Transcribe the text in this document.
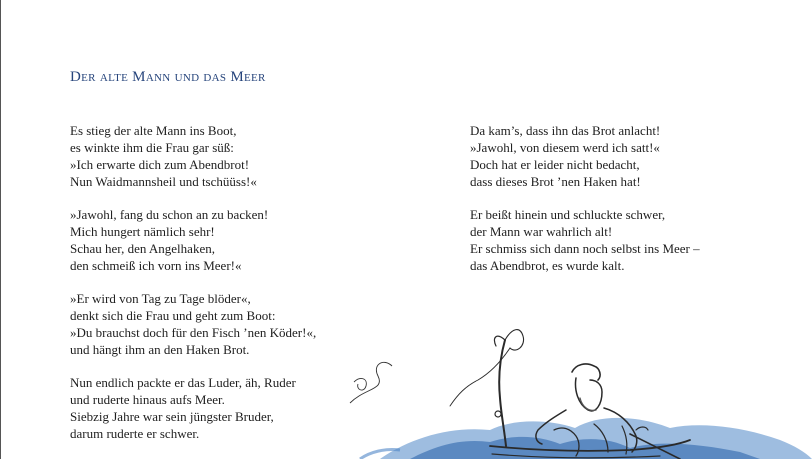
Der alte Mann und das Meer
Es stieg der alte Mann ins Boot,
es winkte ihm die Frau gar süß:
»Ich erwarte dich zum Abendbrot!
Nun Waidmannsheil und tschüüss!«
»Jawohl, fang du schon an zu backen!
Mich hungert nämlich sehr!
Schau her, den Angelhaken,
den schmeiß ich vorn ins Meer!«
»Er wird von Tag zu Tage blöder«,
denkt sich die Frau und geht zum Boot:
»Du brauchst doch für den Fisch ’nen Köder!«,
und hängt ihm an den Haken Brot.
Nun endlich packte er das Luder, äh, Ruder
und ruderte hinaus aufs Meer.
Siebzig Jahre war sein jüngster Bruder,
darum ruderte er schwer.
Da kam’s, dass ihn das Brot anlacht!
»Jawohl, von diesem werd ich satt!«
Doch hat er leider nicht bedacht,
dass dieses Brot ’nen Haken hat!
Er beißt hinein und schluckte schwer,
der Mann war wahrlich alt!
Er schmiss sich dann noch selbst ins Meer –
das Abendbrot, es wurde kalt.
